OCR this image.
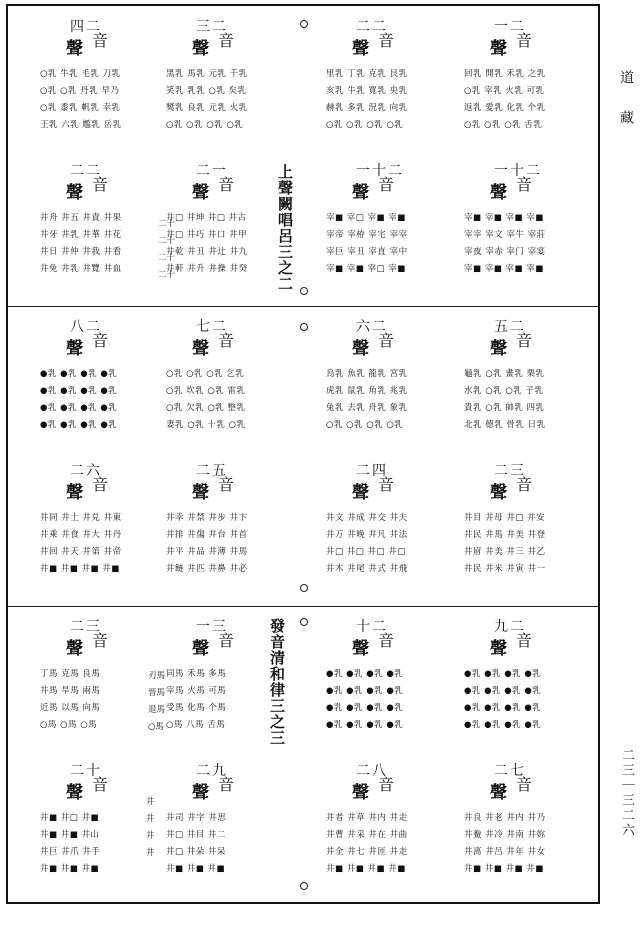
上聲闕唱呂三之二
發音清和律三之三
二十
二十
二十
二十
刃馬
晉馬
退馬
○馬
井
井
井
井
四二
聲 音
○乳 牛乳 毛乳 刀乳
○乳 ○乳 丹乳 早乃
○乳 黍乳 帆乳 幸乳
王乳 六乳 尷乳 岳乳
三二
聲 音
黑乳 馬乳 元乳 千乳
笑乳 乳乳 ○乳 矣乳
獎乳 良乳 元乳 火乳
○乳 ○乳 ○乳 ○乳
二二
聲 音
里乳 丁乳 克乳 艮乳
亥乳 牛乳 寬乳 央乳
赫乳 多乳 況乳 向乳
○乳 ○乳 ○乳 ○乳
一二
聲 音
回乳 開乳 禾乳 之乳
○乳 宰乳 火乳 可乳
返乳 愛乳 化乳 个乳
○乳 ○乳 ○乳 舌乳
二二
聲 音
井舟 井五 井責 井果
井牙 井乳 井華 井花
井日 井仲 井我 井看
井免 井乳 井覽 井血
二一
聲 音
井□ 井坤 井□ 井古
井□ 井巧 井口 井甲
井乾 井丑 井辻 井九
井軒 井升 井操 井癸
一十二
聲 音
宰■ 宰□ 宰■ 宰■
宰帝 宰栫 宰宅 宰宰
宰巨 宰丑 宰直 宰中
宰■ 宰■ 宰□ 宰■
一十二
聲 音
宰■ 宰■ 宰■ 宰■
宰宰 宰文 宰牛 宰莊
宰夜 宰赤 宰门 宰宴
宰■ 宰■ 宰■ 宰■
八二
聲 音
●乳 ●乳 ●乳 ●乳
●乳 ●乳 ●乳 ●乳
●乳 ●乳 ●乳 ●乳
●乳 ●乳 ●乳 ●乳
七二
聲 音
○乳 ○乳 ○乳 乞乳
○乳 坎乳 ○乳 雷乳
○乳 欠乳 ○乳 整乳
妻乳 ○乳 十乳 ○乳
六二
聲 音
烏乳 魚乳 龍乳 宮乳
虎乳 鼠乳 角乳 兆乳
兔乳 去乳 舟乳 象乳
○乳 ○乳 ○乳 ○乳
五二
聲 音
龜乳 ○乳 畫乳 栗乳
水乳 ○乳 ○乳 子乳
貴乳 ○乳 帥乳 四乳
北乳 德乳 骨乳 日乳
二六
聲 音
井同 井土 井兑 井東
井乘 井食 井大 井丹
井回 井天 井第 井帝
井■ 井■ 井■ 井■
二五
聲 音
井幸 井禁 井步 井卞
井排 井傷 井台 井首
井平 井品 井薄 井馬
井鲢 井匹 井鼻 井必
二四
聲 音
井文 井成 井交 井夫
井万 井晚 井凡 井法
井□ 井□ 井□ 井□
井木 井尾 井式 井飛
二三
聲 音
井目 井母 井□ 井安
井民 井馬 井美 井登
井眉 井美 井三 井乙
井民 井米 井寅 井一
二三
聲 音
丁馬 克馬 良馬
井馬 旱馬 兩馬
近馬 以馬 向馬
○馬 ○馬 ○馬
一三
聲 音
同馬 禾馬 多馬
宰馬 火馬 可馬
受馬 化馬 个馬
○馬 八馬 舌馬
十二
聲 音
●乳 ●乳 ●乳 ●乳
●乳 ●乳 ●乳 ●乳
●乳 ●乳 ●乳 ●乳
●乳 ●乳 ●乳 ●乳
九二
聲 音
●乳 ●乳 ●乳 ●乳
●乳 ●乳 ●乳 ●乳
●乳 ●乳 ●乳 ●乳
●乳 ●乳 ●乳 ●乳
二十
聲 音
井■ 井□ 井■
井■ 井■ 井山
井巨 井爪 井手
井■ 井■ 井■
二九
聲 音
井司 井字 井思
井□ 井目 井二
井□ 井朵 井呆
井■ 井■ 井■
二八
聲 音
井者 井草 井内 井走
井曹 井采 井在 井曲
井全 井七 井匝 井走
井■ 井■ 井■ 井■
二七
聲 音
井良 井老 井内 井乃
井鲞 井冷 井南 井妳
井离 井呂 井年 井女
井■ 井■ 井■ 井■
道　藏
二三｜三二六
